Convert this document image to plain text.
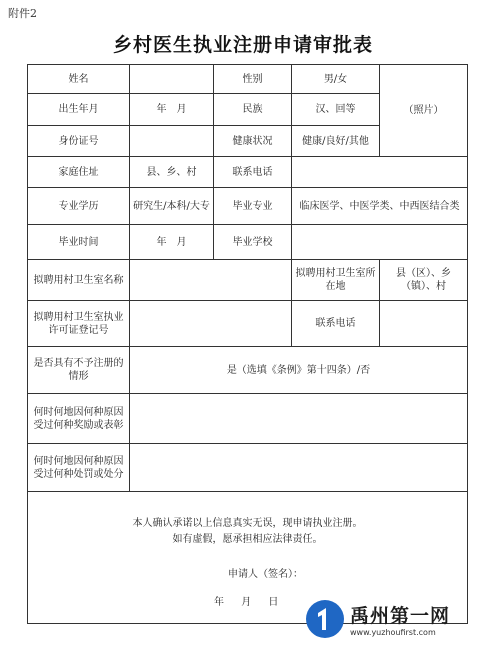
附件2
乡村医生执业注册申请审批表
姓名		性别	男/女	（照片）
出生年月	年　月	民族	汉、回等	
身份证号		健康状况	健康/良好/其他	
家庭住址	县、乡、村	联系电话		
专业学历	研究生/本科/大专	毕业专业	临床医学、中医学类、中西医结合类	
毕业时间	年　月	毕业学校		
拟聘用村卫生室名称			拟聘用村卫生室所在地	县（区）、乡（镇）、村
拟聘用村卫生室执业许可证登记号			联系电话	
是否具有不予注册的情形	是（选填《条例》第十四条）/否			
何时何地因何种原因受过何种奖励或表彰				
何时何地因何种原因受过何种处罚或处分				

本人确认承诺以上信息真实无误，现申请执业注册。
如有虚假，愿承担相应法律责任。
申请人（签名）：
年 月 日				
禹州第一网
www.yuzhoufirst.com
